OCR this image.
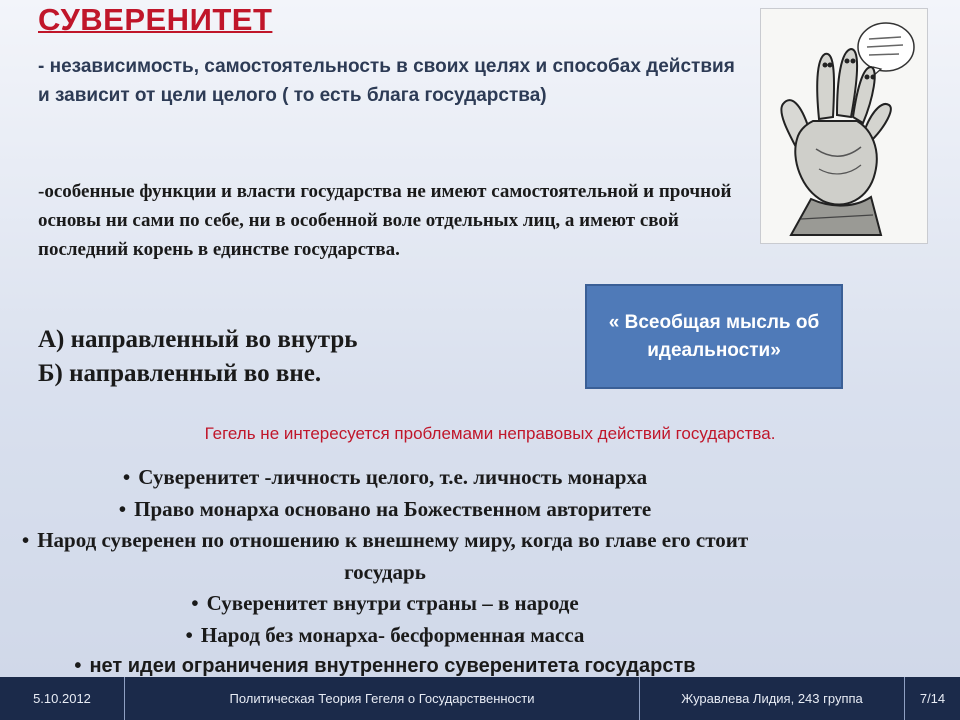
СУВЕРЕНИТЕТ
- независимость, самостоятельность в своих целях и способах действия и зависит от цели целого ( то есть блага государства)
-особенные функции и власти государства не имеют самостоятельной и прочной основы ни сами по себе, ни в особенной воле отдельных лиц, а имеют свой последний корень в единстве государства.
А) направленный во внутрь
Б) направленный во вне.
« Всеобщая мысль об идеальности»
Гегель не интересуется проблемами неправовых действий государства.
• Суверенитет -личность целого, т.е. личность монарха
• Право монарха основано на Божественном авторитете
• Народ суверенен по отношению к внешнему миру, когда во главе его стоит государь
• Суверенитет внутри страны – в народе
• Народ без монарха- бесформенная масса
• нет идеи ограничения внутреннего суверенитета государств
5.10.2012	Политическая Теория Гегеля о Государственности	Журавлева Лидия, 243 группа	7/14
